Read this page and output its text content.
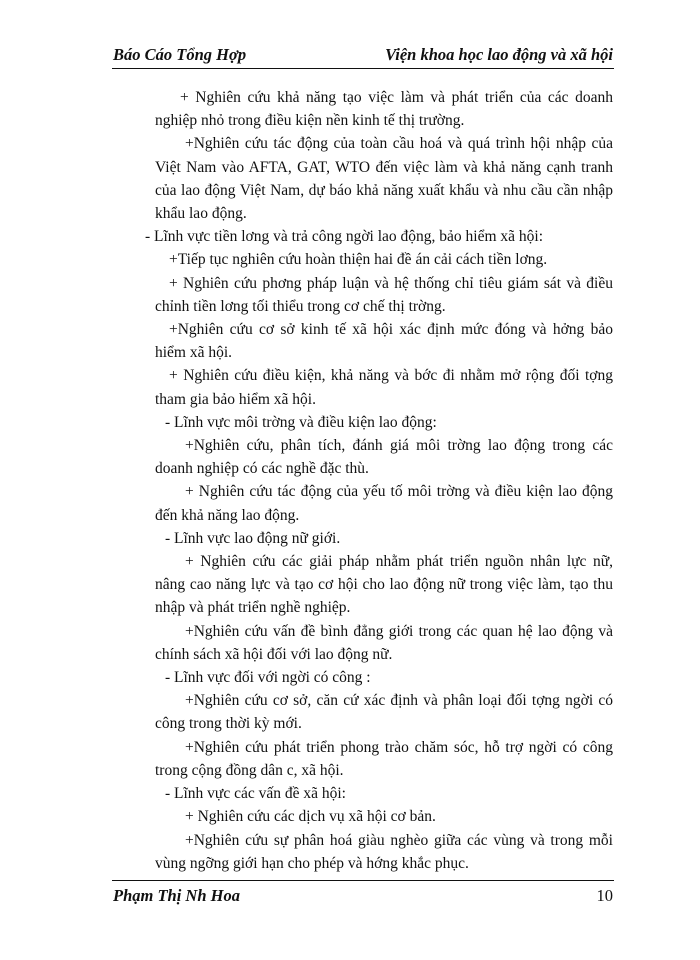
Báo Cáo Tổng Hợp	Viện khoa học lao động và xã hội

+ Nghiên cứu khả năng tạo việc làm và phát triển của các doanh nghiệp nhỏ trong điều kiện nền kinh tế thị trường.

+Nghiên cứu tác động của toàn cầu hoá và quá trình hội nhập của Việt Nam vào AFTA, GAT, WTO đến việc làm và khả năng cạnh tranh của lao động Việt Nam, dự báo khả năng xuất khẩu và nhu cầu cần nhập khẩu lao động.

- Lĩnh vực tiền lơng và trả công ngời lao động, bảo hiểm xã hội:

+Tiếp tục nghiên cứu hoàn thiện hai đề án cải cách tiền lơng.

+ Nghiên cứu phơng pháp luận và hệ thống chỉ tiêu giám sát và điều chỉnh tiền lơng tối thiểu trong cơ chế thị trờng.

+Nghiên cứu cơ sở kinh tế xã hội xác định mức đóng và hởng bảo hiểm xã hội.

+ Nghiên cứu điều kiện, khả năng và bớc đi nhằm mở rộng đối tợng tham gia bảo hiểm xã hội.

- Lĩnh vực môi trờng và điều kiện lao động:

+Nghiên cứu, phân tích, đánh giá môi trờng lao động trong các doanh nghiệp có các nghề đặc thù.

+ Nghiên cứu tác động của yếu tố môi trờng và điều kiện lao động đến khả năng lao động.

- Lĩnh vực lao động nữ giới.

+ Nghiên cứu các giải pháp nhằm phát triển nguồn nhân lực nữ, nâng cao năng lực và tạo cơ hội cho lao động nữ trong việc làm, tạo thu nhập và phát triển nghề nghiệp.

+Nghiên cứu vấn đề bình đẳng giới trong các quan hệ lao động và chính sách xã hội đối với lao động nữ.

- Lĩnh vực đối với ngời có công :

+Nghiên cứu cơ sở, căn cứ xác định và phân loại đối tợng ngời có công trong thời kỳ mới.

+Nghiên cứu phát triển phong trào chăm sóc, hỗ trợ ngời có công trong cộng đồng dân c, xã hội.

- Lĩnh vực các vấn đề xã hội:

+ Nghiên cứu các dịch vụ xã hội cơ bản.

+Nghiên cứu sự phân hoá giàu nghèo giữa các vùng và trong mỗi vùng ngỡng giới hạn cho phép và hớng khắc phục.

Phạm Thị Nh Hoa	10
